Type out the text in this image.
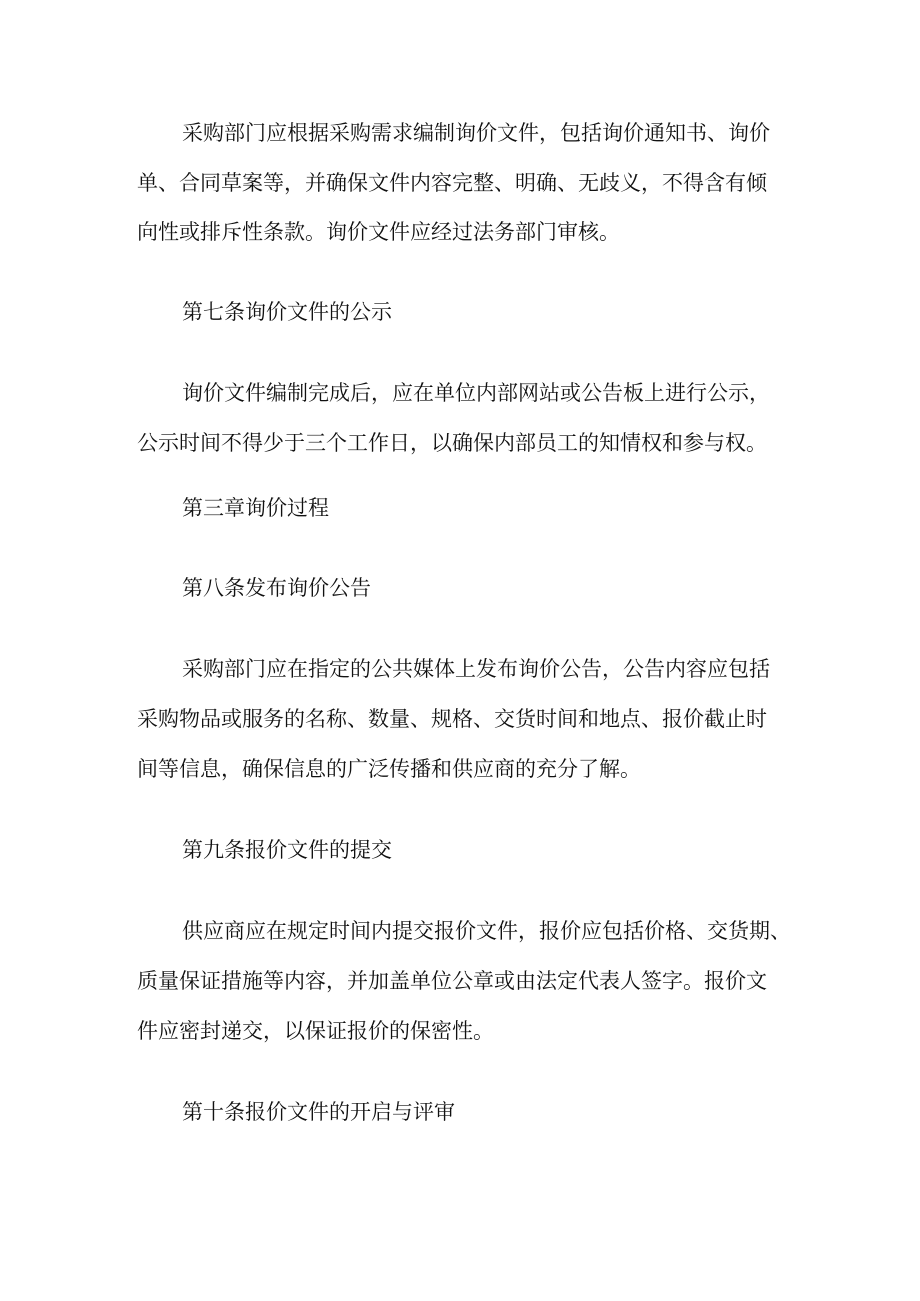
采购部门应根据采购需求编制询价文件，包括询价通知书、询价
单、合同草案等，并确保文件内容完整、明确、无歧义，不得含有倾
向性或排斥性条款。询价文件应经过法务部门审核。
第七条询价文件的公示
询价文件编制完成后，应在单位内部网站或公告板上进行公示，
公示时间不得少于三个工作日，以确保内部员工的知情权和参与权。
第三章询价过程
第八条发布询价公告
采购部门应在指定的公共媒体上发布询价公告，公告内容应包括
采购物品或服务的名称、数量、规格、交货时间和地点、报价截止时
间等信息，确保信息的广泛传播和供应商的充分了解。
第九条报价文件的提交
供应商应在规定时间内提交报价文件，报价应包括价格、交货期、
质量保证措施等内容，并加盖单位公章或由法定代表人签字。报价文
件应密封递交，以保证报价的保密性。
第十条报价文件的开启与评审
